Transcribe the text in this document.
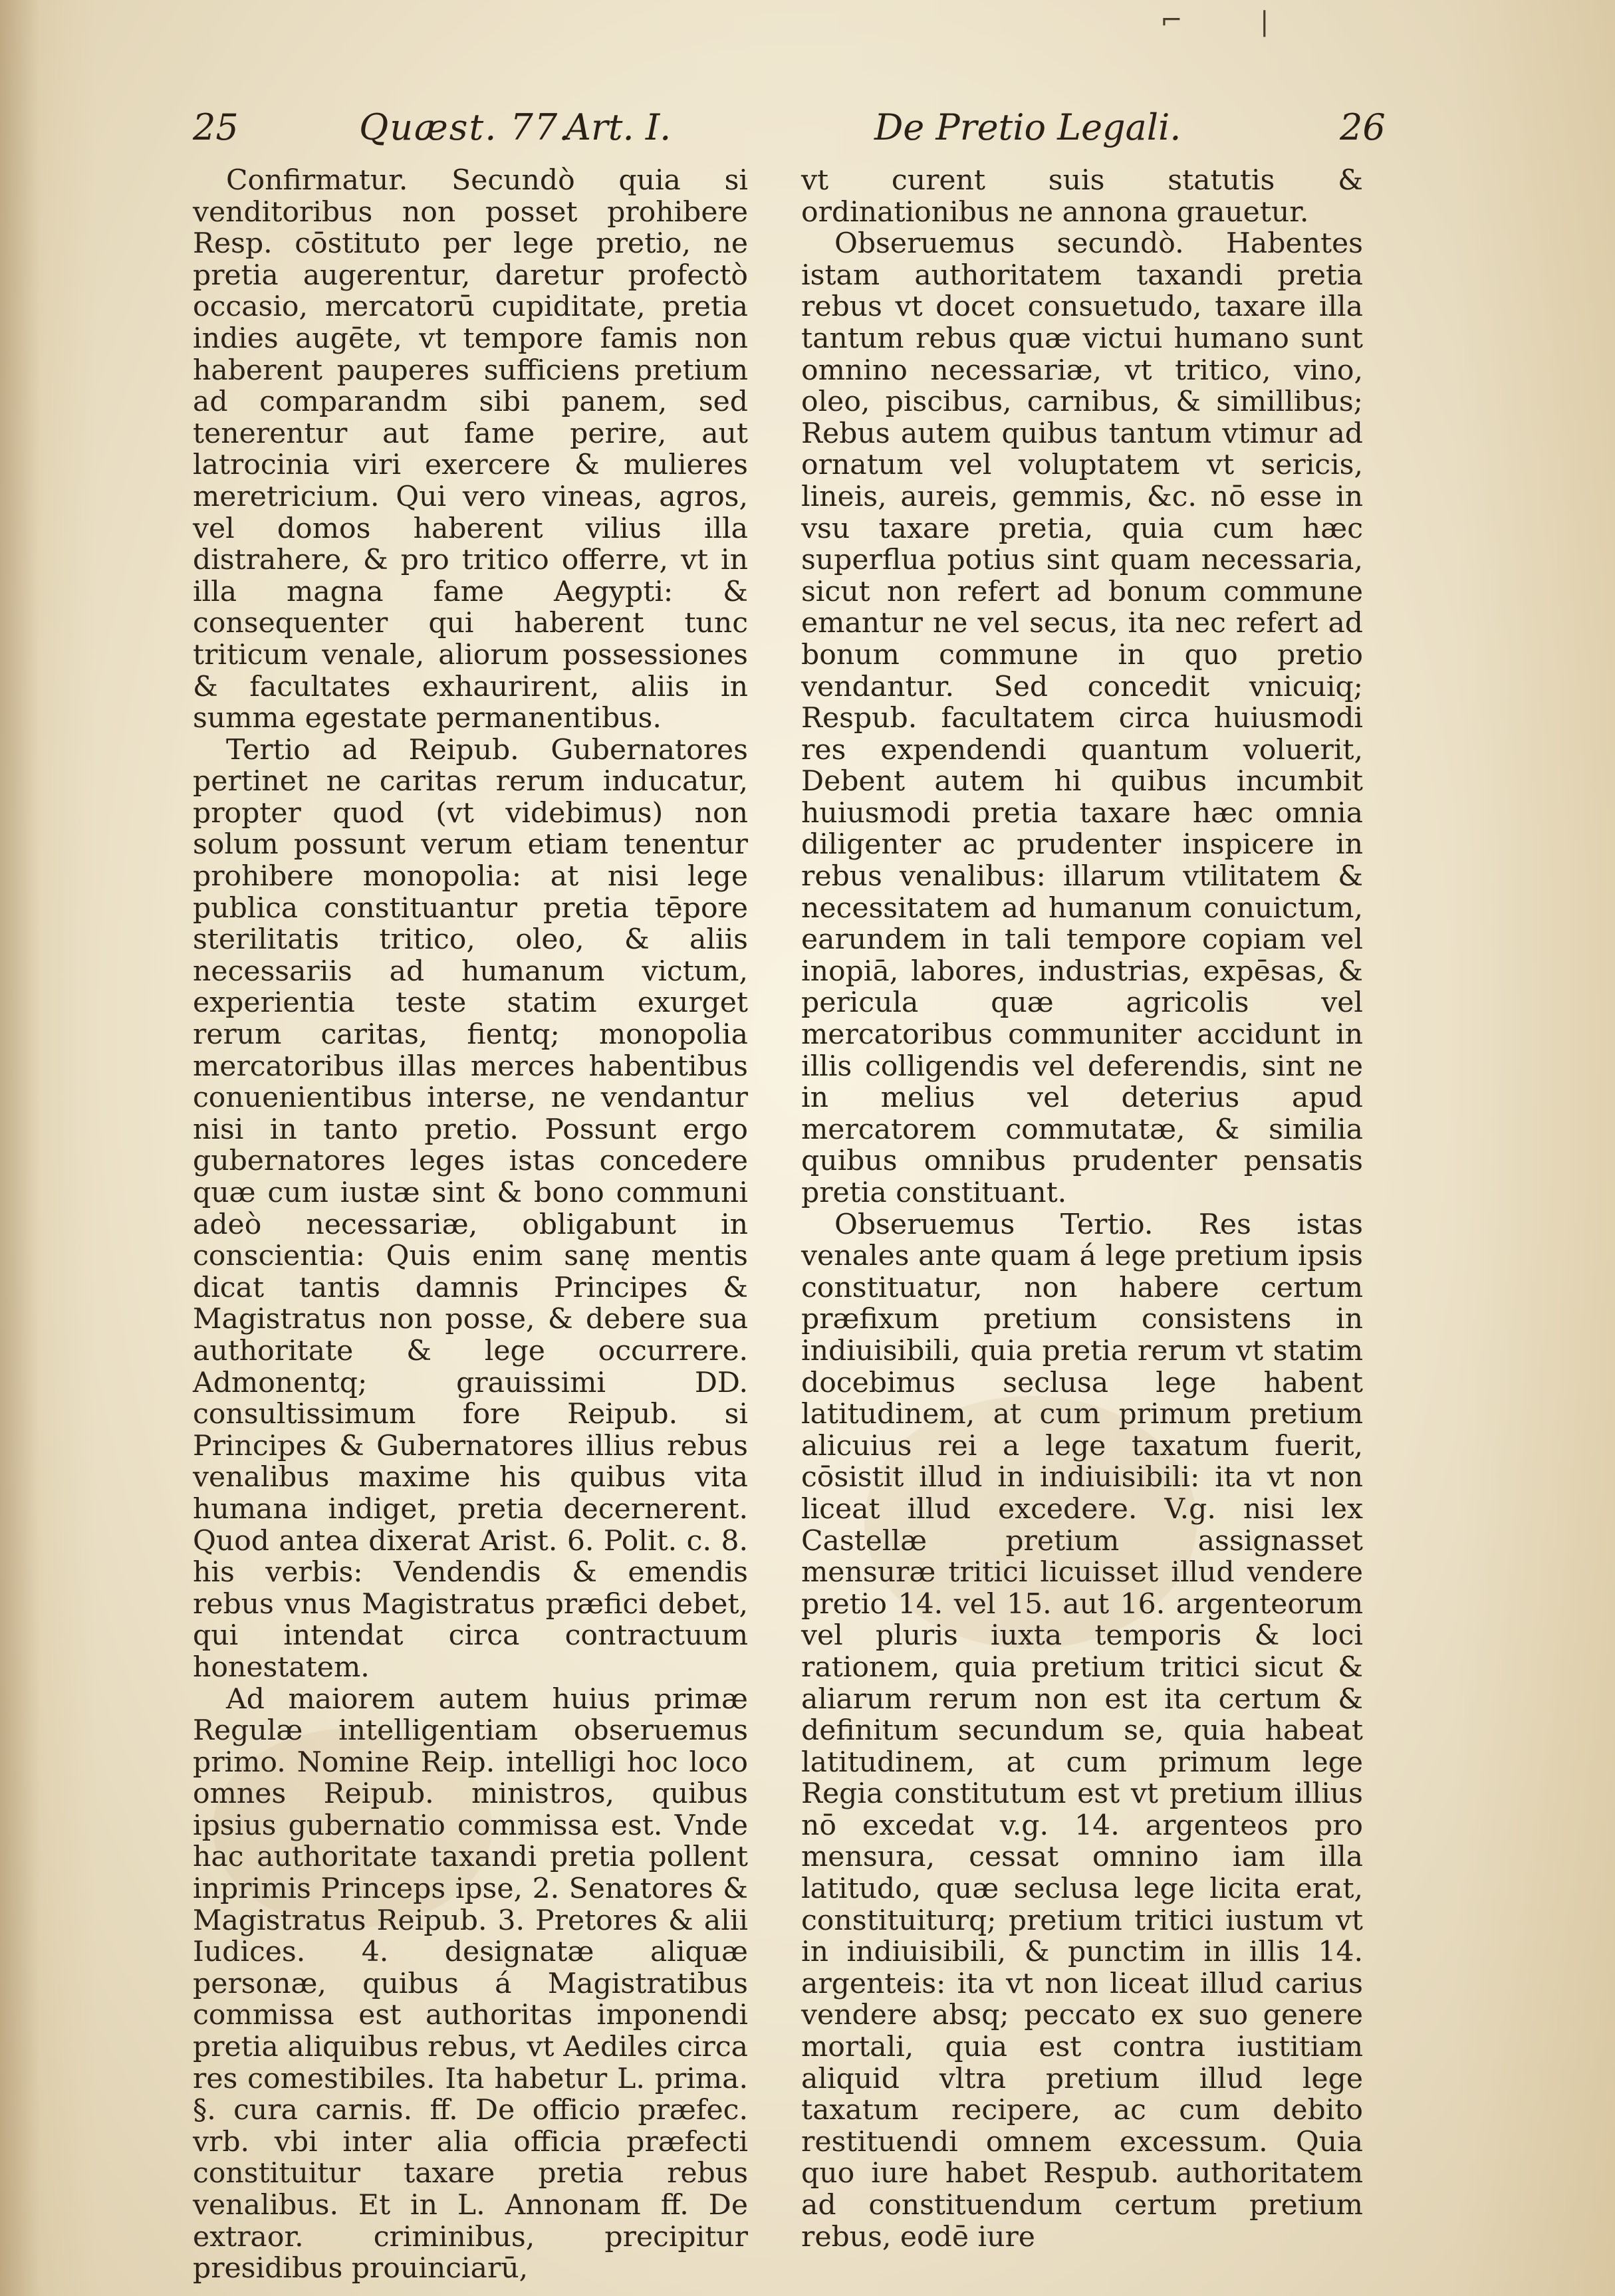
⌐	|
25	Quæst. 77.
Art. I.	De Pretio Legali.	26

Confirmatur. Secundò quia si venditoribus non posset prohibere Resp. cōstituto per lege pretio, ne pretia augerentur, daretur profectò occasio, mercatorū cupiditate, pretia indies augēte, vt tempore famis non haberent pauperes sufficiens pretium ad comparandm sibi panem, sed tenerentur aut fame perire, aut latrocinia viri exercere & mulieres meretricium. Qui vero vineas, agros, vel domos haberent vilius illa distrahere, & pro tritico offerre, vt in illa magna fame Aegypti: & consequenter qui haberent tunc triticum venale, aliorum possessiones & facultates exhaurirent, aliis in summa egestate permanentibus.

Tertio ad Reipub. Gubernatores pertinet ne caritas rerum inducatur, propter quod (vt videbimus) non solum possunt verum etiam tenentur prohibere monopolia: at nisi lege publica constituantur pretia tēpore sterilitatis tritico, oleo, & aliis necessariis ad humanum victum, experientia teste statim exurget rerum caritas, fientq; monopolia mercatoribus illas merces habentibus conuenientibus interse, ne vendantur nisi in tanto pretio. Possunt ergo gubernatores leges istas concedere quæ cum iustæ sint & bono communi adeò necessariæ, obligabunt in conscientia: Quis enim sanę mentis dicat tantis damnis Principes & Magistratus non posse, & debere sua authoritate & lege occurrere. Admonentq; grauissimi DD. consultissimum fore Reipub. si Principes & Gubernatores illius rebus venalibus maxime his quibus vita humana indiget, pretia decernerent. Quod antea dixerat Arist. 6. Polit. c. 8. his verbis: Vendendis & emendis rebus vnus Magistratus præfici debet, qui intendat circa contractuum honestatem.

Ad maiorem autem huius primæ Regulæ intelligentiam obseruemus primo. Nomine Reip. intelligi hoc loco omnes Reipub. ministros, quibus ipsius gubernatio commissa est. Vnde hac authoritate taxandi pretia pollent inprimis Princeps ipse, 2. Senatores & Magistratus Reipub. 3. Pretores & alii Iudices. 4. designatæ aliquæ personæ, quibus á Magistratibus commissa est authoritas imponendi pretia aliquibus rebus, vt Aediles circa res comestibiles. Ita habetur L. prima. §. cura carnis. ff. De officio præfec. vrb. vbi inter alia officia præfecti constituitur taxare pretia rebus venalibus. Et in L. Annonam ff. De extraor. criminibus, precipitur presidibus prouinciarū,

vt curent suis statutis & ordinationibus ne annona grauetur.

Obseruemus secundò. Habentes istam authoritatem taxandi pretia rebus vt docet consuetudo, taxare illa tantum rebus quæ victui humano sunt omnino necessariæ, vt tritico, vino, oleo, piscibus, carnibus, & simillibus; Rebus autem quibus tantum vtimur ad ornatum vel voluptatem vt sericis, lineis, aureis, gemmis, &c. nō esse in vsu taxare pretia, quia cum hæc superflua potius sint quam necessaria, sicut non refert ad bonum commune emantur ne vel secus, ita nec refert ad bonum commune in quo pretio vendantur. Sed concedit vnicuiq; Respub. facultatem circa huiusmodi res expendendi quantum voluerit, Debent autem hi quibus incumbit huiusmodi pretia taxare hæc omnia diligenter ac prudenter inspicere in rebus venalibus: illarum vtilitatem & necessitatem ad humanum conuictum, earundem in tali tempore copiam vel inopiā, labores, industrias, expēsas, & pericula quæ agricolis vel mercatoribus communiter accidunt in illis colligendis vel deferendis, sint ne in melius vel deterius apud mercatorem commutatæ, & similia quibus omnibus prudenter pensatis pretia constituant.

Obseruemus Tertio. Res istas venales ante quam á lege pretium ipsis constituatur, non habere certum præfixum pretium consistens in indiuisibili, quia pretia rerum vt statim docebimus seclusa lege habent latitudinem, at cum primum pretium alicuius rei a lege taxatum fuerit, cōsistit illud in indiuisibili: ita vt non liceat illud excedere. V.g. nisi lex Castellæ pretium assignasset mensuræ tritici licuisset illud vendere pretio 14. vel 15. aut 16. argenteorum vel pluris iuxta temporis & loci rationem, quia pretium tritici sicut & aliarum rerum non est ita certum & definitum secundum se, quia habeat latitudinem, at cum primum lege Regia constitutum est vt pretium illius nō excedat v.g. 14. argenteos pro mensura, cessat omnino iam illa latitudo, quæ seclusa lege licita erat, constituiturq; pretium tritici iustum vt in indiuisibili, & punctim in illis 14. argenteis: ita vt non liceat illud carius vendere absq; peccato ex suo genere mortali, quia est contra iustitiam aliquid vltra pretium illud lege taxatum recipere, ac cum debito restituendi omnem excessum. Quia quo iure habet Respub. authoritatem ad constituendum certum pretium rebus, eodē iure
